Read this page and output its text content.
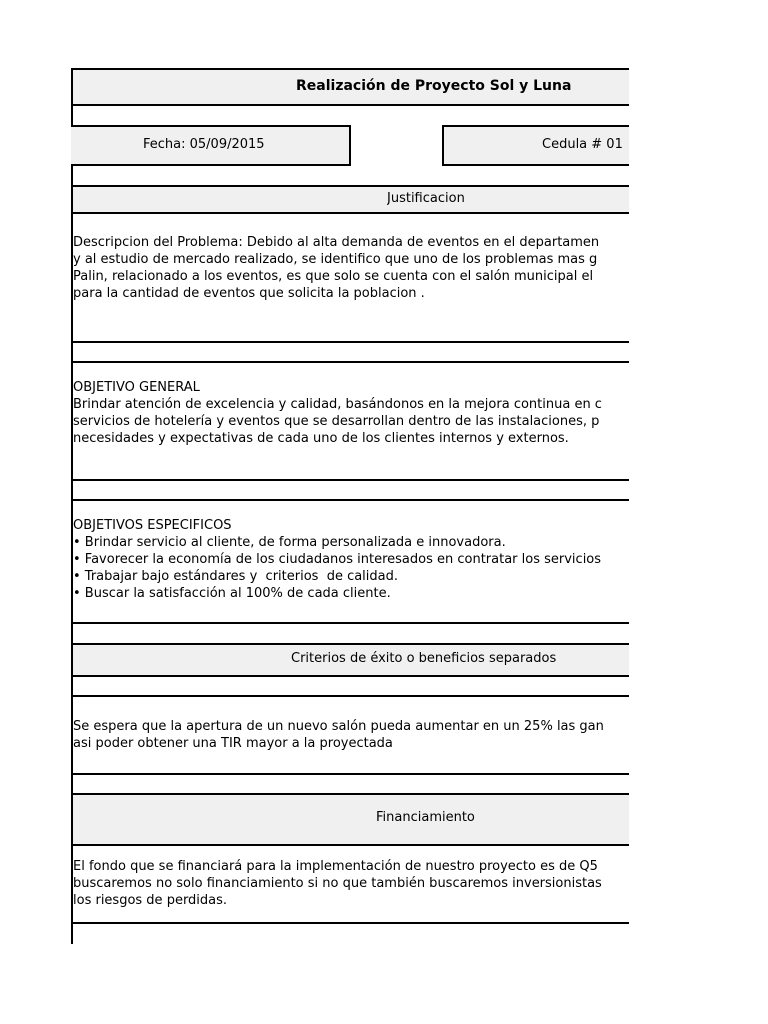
Realización de Proyecto Sol y Luna
Fecha: 05/09/2015	Cedula # 01
Justificacion
Descripcion del Problema: Debido al alta demanda de eventos en el departamen
y al estudio de mercado realizado, se identifico que uno de los problemas mas g
Palin, relacionado a los eventos, es que solo se cuenta con el salón municipal el
para la cantidad de eventos que solicita la poblacion .
OBJETIVO GENERAL
Brindar atención de excelencia y calidad, basándonos en la mejora continua en c
servicios de hotelería y eventos que se desarrollan dentro de las instalaciones, p
necesidades y expectativas de cada uno de los clientes internos y externos.
OBJETIVOS ESPECIFICOS
• Brindar servicio al cliente, de forma personalizada e innovadora.
• Favorecer la economía de los ciudadanos interesados en contratar los servicios
• Trabajar bajo estándares y  criterios  de calidad.
• Buscar la satisfacción al 100% de cada cliente.
Criterios de éxito o beneficios separados
Se espera que la apertura de un nuevo salón pueda aumentar en un 25% las gan
asi poder obtener una TIR mayor a la proyectada
Financiamiento
El fondo que se financiará para la implementación de nuestro proyecto es de Q5
buscaremos no solo financiamiento si no que también buscaremos inversionistas
los riesgos de perdidas.
